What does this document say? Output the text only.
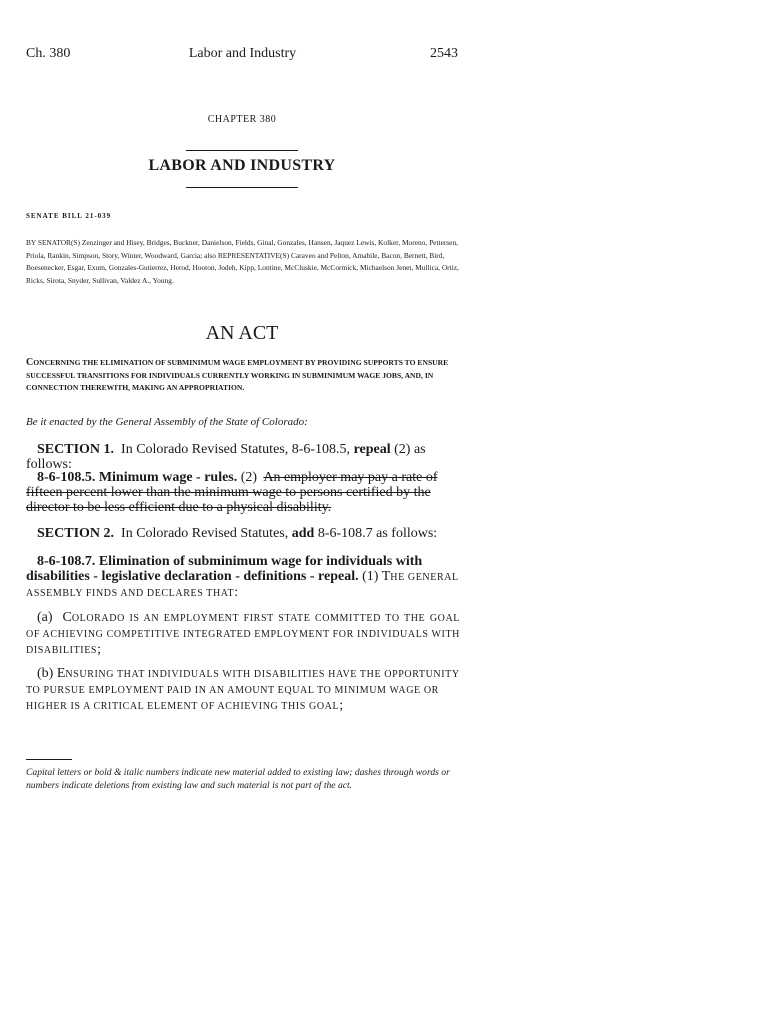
Ch. 380	Labor and Industry	2543
CHAPTER 380
LABOR AND INDUSTRY
SENATE BILL 21-039
BY SENATOR(S) Zenzinger and Hisey, Bridges, Buckner, Danielson, Fields, Ginal, Gonzales, Hansen, Jaquez Lewis, Kolker, Moreno, Pettersen, Priola, Rankin, Simpson, Story, Winter, Woodward, Garcia; also REPRESENTATIVE(S) Caraveo and Pelton, Amabile, Bacon, Bernett, Bird, Boesenecker, Esgar, Exum, Gonzales-Gutierrez, Herod, Hooton, Jodeh, Kipp, Lontine, McCluskie, McCormick, Michaelson Jenet, Mullica, Ortiz, Ricks, Sirota, Snyder, Sullivan, Valdez A., Young.
AN ACT
CONCERNING THE ELIMINATION OF SUBMINIMUM WAGE EMPLOYMENT BY PROVIDING SUPPORTS TO ENSURE SUCCESSFUL TRANSITIONS FOR INDIVIDUALS CURRENTLY WORKING IN SUBMINIMUM WAGE JOBS, AND, IN CONNECTION THEREWITH, MAKING AN APPROPRIATION.
Be it enacted by the General Assembly of the State of Colorado:
SECTION 1. In Colorado Revised Statutes, 8-6-108.5, repeal (2) as follows:
8-6-108.5. Minimum wage - rules. (2) An employer may pay a rate of fifteen percent lower than the minimum wage to persons certified by the director to be less efficient due to a physical disability.
SECTION 2. In Colorado Revised Statutes, add 8-6-108.7 as follows:
8-6-108.7. Elimination of subminimum wage for individuals with disabilities - legislative declaration - definitions - repeal. (1) THE GENERAL ASSEMBLY FINDS AND DECLARES THAT:
(a) COLORADO IS AN EMPLOYMENT FIRST STATE COMMITTED TO THE GOAL OF ACHIEVING COMPETITIVE INTEGRATED EMPLOYMENT FOR INDIVIDUALS WITH DISABILITIES;
(b) ENSURING THAT INDIVIDUALS WITH DISABILITIES HAVE THE OPPORTUNITY TO PURSUE EMPLOYMENT PAID IN AN AMOUNT EQUAL TO MINIMUM WAGE OR HIGHER IS A CRITICAL ELEMENT OF ACHIEVING THIS GOAL;
Capital letters or bold & italic numbers indicate new material added to existing law; dashes through words or numbers indicate deletions from existing law and such material is not part of the act.
